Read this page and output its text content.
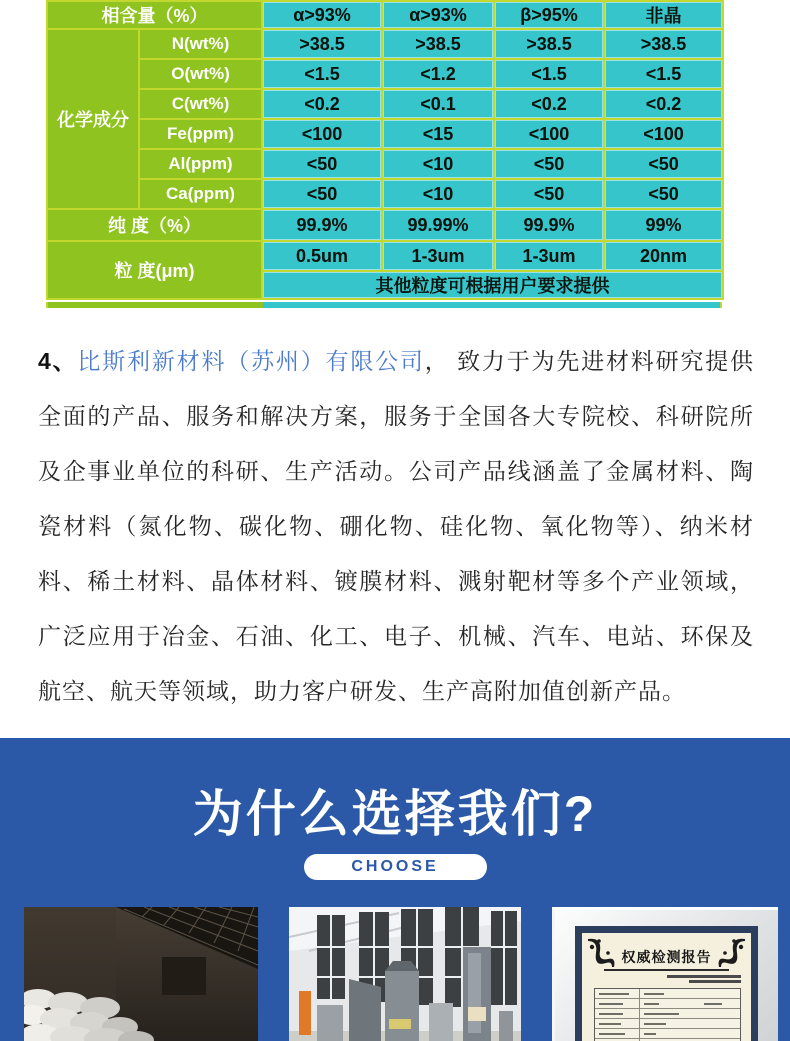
相含量（%）		α>93%	α>93%	β>95%	非晶
化学成分	N(wt%)	>38.5	>38.5	>38.5	>38.5
	O(wt%)	<1.5	<1.2	<1.5	<1.5
	C(wt%)	<0.2	<0.1	<0.2	<0.2
	Fe(ppm)	<100	<15	<100	<100
	Al(ppm)	<50	<10	<50	<50
	Ca(ppm)	<50	<10	<50	<50
纯 度（%）		99.9%	99.99%	99.9%	99%
粒 度(μm)		0.5um	1-3um	1-3um	20nm
		其他粒度可根据用户要求提供			

4、比斯利新材料（苏州）有限公司， 致力于为先进材料研究提供全面的产品、服务和解决方案，服务于全国各大专院校、科研院所及企事业单位的科研、生产活动。公司产品线涵盖了金属材料、陶瓷材料（氮化物、碳化物、硼化物、硅化物、氧化物等）、纳米材料、稀土材料、晶体材料、镀膜材料、溅射靶材等多个产业领域，广泛应用于冶金、石油、化工、电子、机械、汽车、电站、环保及航空、航天等领域，助力客户研发、生产高附加值创新产品。

为什么选择我们?
CHOOSE
权威检测报告
